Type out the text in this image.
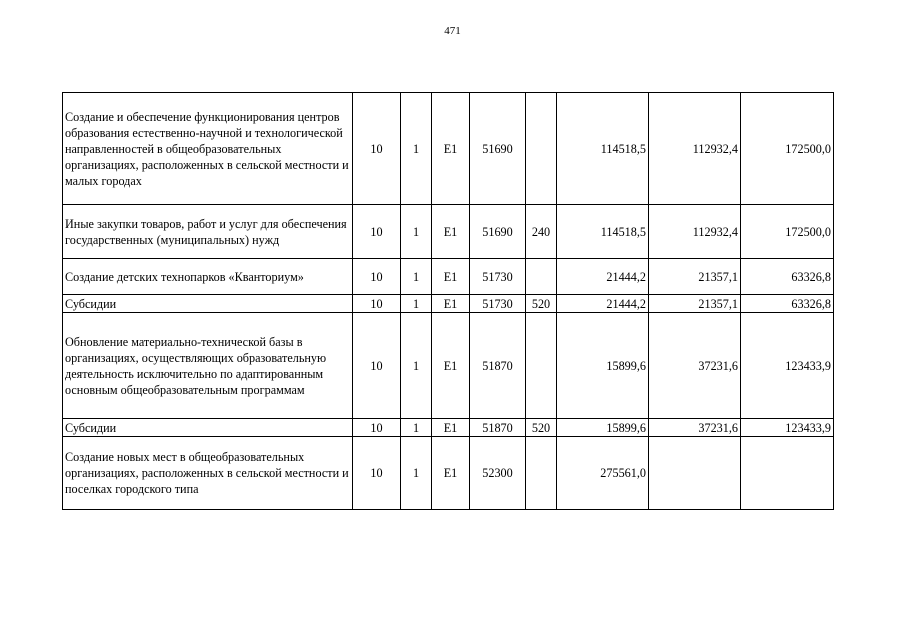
471
Создание и обеспечение функционирования центров образования естественно-научной и технологической направленностей в общеобразовательных организациях, расположенных в сельской местности и малых городах	10	1	E1	51690		114518,5	112932,4	172500,0
Иные закупки товаров, работ и услуг для обеспечения государственных (муниципальных) нужд	10	1	E1	51690	240	114518,5	112932,4	172500,0
Создание детских технопарков «Кванториум»	10	1	E1	51730		21444,2	21357,1	63326,8
Субсидии	10	1	E1	51730	520	21444,2	21357,1	63326,8
Обновление материально-технической базы в организациях, осуществляющих образовательную деятельность исключительно по адаптированным основным общеобразовательным программам	10	1	E1	51870		15899,6	37231,6	123433,9
Субсидии	10	1	E1	51870	520	15899,6	37231,6	123433,9
Создание новых мест в общеобразовательных организациях, расположенных в сельской местности и поселках городского типа	10	1	E1	52300		275561,0		
